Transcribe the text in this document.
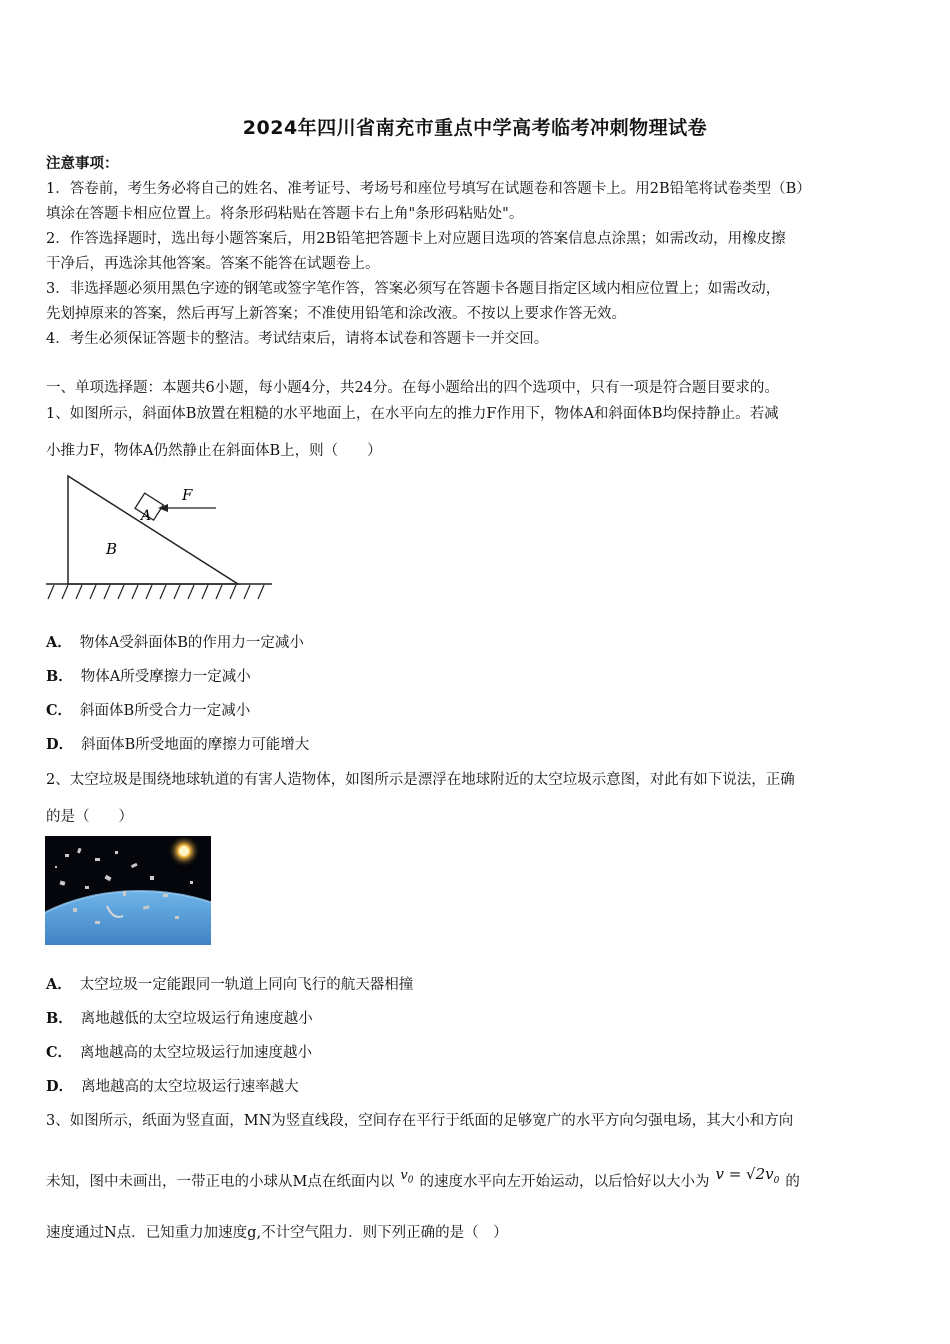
2024年四川省南充市重点中学高考临考冲刺物理试卷
注意事项：
1．答卷前，考生务必将自己的姓名、准考证号、考场号和座位号填写在试题卷和答题卡上。用2B铅笔将试卷类型（B）
填涂在答题卡相应位置上。将条形码粘贴在答题卡右上角"条形码粘贴处"。
2．作答选择题时，选出每小题答案后，用2B铅笔把答题卡上对应题目选项的答案信息点涂黑；如需改动，用橡皮擦
干净后，再选涂其他答案。答案不能答在试题卷上。
3．非选择题必须用黑色字迹的钢笔或签字笔作答，答案必须写在答题卡各题目指定区域内相应位置上；如需改动，
先划掉原来的答案，然后再写上新答案；不准使用铅笔和涂改液。不按以上要求作答无效。
4．考生必须保证答题卡的整洁。考试结束后，请将本试卷和答题卡一并交回。
一、单项选择题：本题共6小题，每小题4分，共24分。在每小题给出的四个选项中，只有一项是符合题目要求的。
1、如图所示，斜面体B放置在粗糙的水平地面上，在水平向左的推力F作用下，物体A和斜面体B均保持静止。若减
小推力F，物体A仍然静止在斜面体B上，则（　　）
F
A
B
A． 物体A受斜面体B的作用力一定减小
B． 物体A所受摩擦力一定减小
C． 斜面体B所受合力一定减小
D． 斜面体B所受地面的摩擦力可能增大
2、太空垃圾是围绕地球轨道的有害人造物体，如图所示是漂浮在地球附近的太空垃圾示意图，对此有如下说法，正确
的是（　　）
A． 太空垃圾一定能跟同一轨道上同向飞行的航天器相撞
B． 离地越低的太空垃圾运行角速度越小
C． 离地越高的太空垃圾运行加速度越小
D． 离地越高的太空垃圾运行速率越大
3、如图所示，纸面为竖直面，MN为竖直线段，空间存在平行于纸面的足够宽广的水平方向匀强电场，其大小和方向
未知，图中未画出，一带正电的小球从M点在纸面内以 $v_0$ 的速度水平向左开始运动，以后恰好以大小为 $v = √2v_0$ 的
速度通过N点．已知重力加速度g,不计空气阻力．则下列正确的是（　）
